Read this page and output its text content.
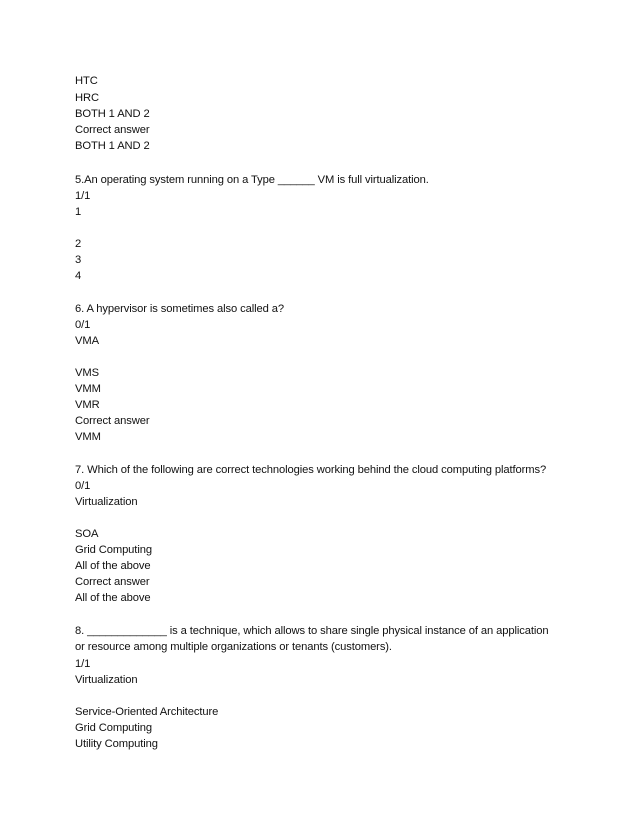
HTC
HRC
BOTH 1 AND 2
Correct answer
BOTH 1 AND 2
5.An operating system running on a Type ______ VM is full virtualization.
1/1
1
2
3
4
6. A hypervisor is sometimes also called a?
0/1
VMA
VMS
VMM
VMR
Correct answer
VMM
7. Which of the following are correct technologies working behind the cloud computing platforms?
0/1
Virtualization
SOA
Grid Computing
All of the above
Correct answer
All of the above
8. _____________ is a technique, which allows to share single physical instance of an application or resource among multiple organizations or tenants (customers).
1/1
Virtualization
Service-Oriented Architecture
Grid Computing
Utility Computing
